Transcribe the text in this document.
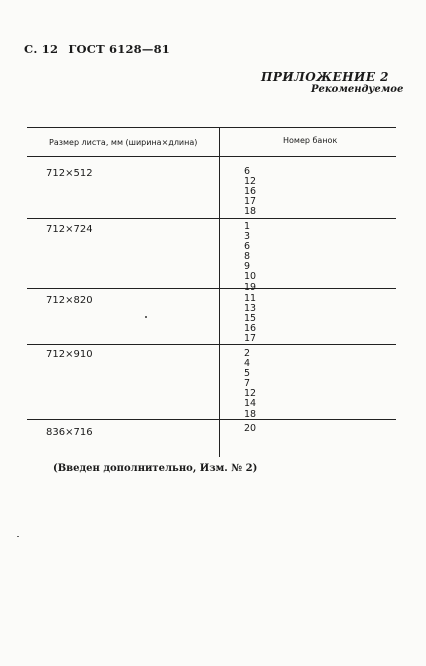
С. 12 ГОСТ 6128—81
ПРИЛОЖЕНИЕ 2
Рекомендуемое
Размер листа, мм (ширина×длина)	Номер банок
712×512	6
12
16
17
18
712×724	1
3
6
8
9
10
19
712×820	11
13
15
16
17
712×910	2
4
5
7
12
14
18
836×716	20
(Введен дополнительно, Изм. № 2)
